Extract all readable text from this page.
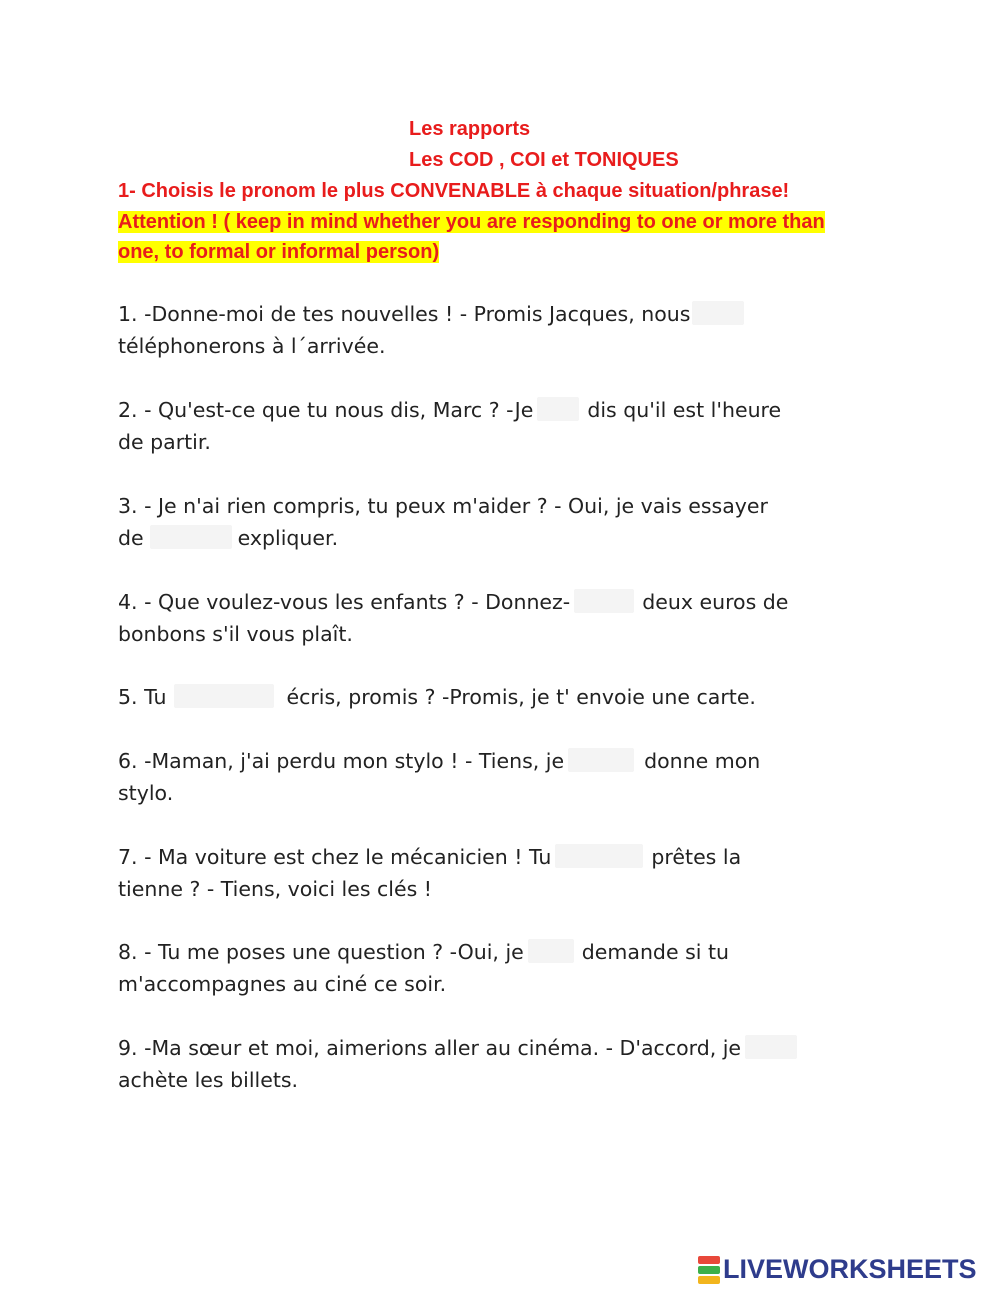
Les rapports
Les COD , COI et TONIQUES
1- Choisis le pronom le plus CONVENABLE à chaque situation/phrase! Attention ! ( keep in mind whether you are responding to one or more than one, to formal or informal person)
1. -Donne-moi de tes nouvelles ! - Promis Jacques, nous
téléphonerons à l´arrivée.
2. - Qu'est-ce que tu nous dis, Marc ? -Je	dis qu'il est l'heure
de partir.
3. - Je n'ai rien compris, tu peux m'aider ? - Oui, je vais essayer
de	expliquer.
4. - Que voulez-vous les enfants ? - Donnez-	deux euros de
bonbons s'il vous plaît.
5. Tu	écris, promis ? -Promis, je t' envoie une carte.
6. -Maman, j'ai perdu mon stylo ! - Tiens, je	donne mon
stylo.
7. - Ma voiture est chez le mécanicien ! Tu	prêtes la
tienne ? - Tiens, voici les clés !
8. - Tu me poses une question ? -Oui, je	demande si tu
m'accompagnes au ciné ce soir.
9. -Ma sœur et moi, aimerions aller au cinéma. - D'accord, je
achète les billets.
LIVEWORKSHEETS
